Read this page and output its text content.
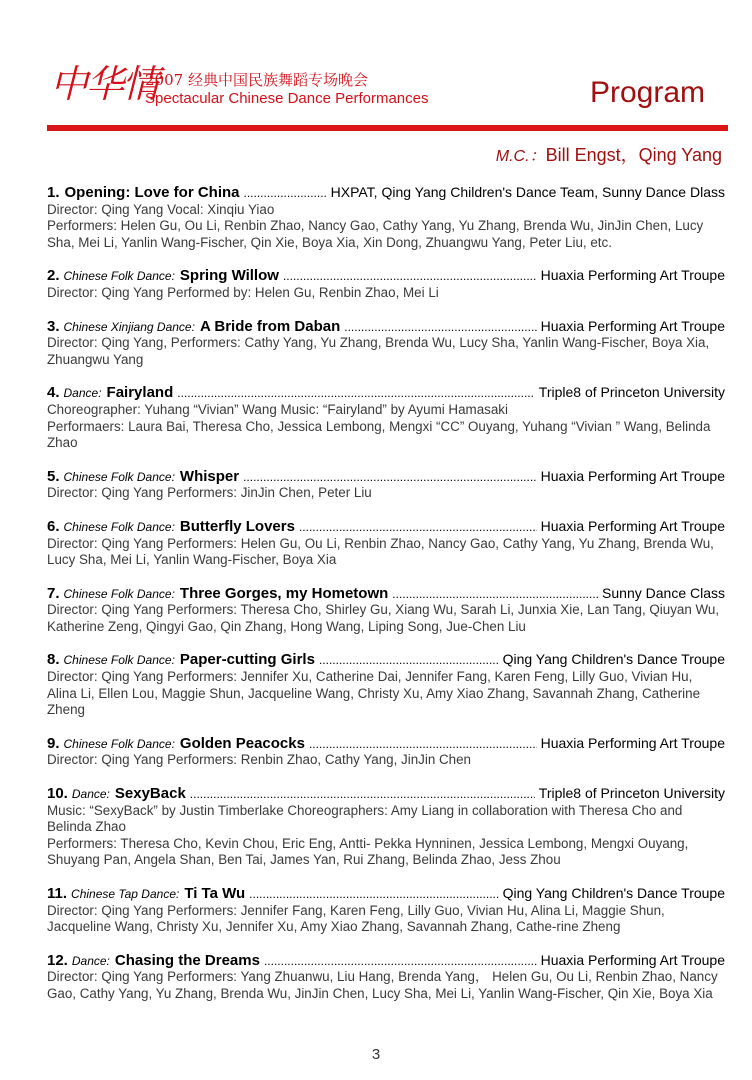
中华情
2007 经典中国民族舞蹈专场晚会
Spectacular Chinese Dance Performances	Program
M.C.：Bill Engst，Qing Yang
1. Opening: Love for China .....	HXPAT, Qing Yang Children's Dance Team, Sunny Dance Dlass
Director: Qing Yang Vocal: Xinqiu Yiao
Performers: Helen Gu, Ou Li, Renbin Zhao, Nancy Gao, Cathy Yang, Yu Zhang, Brenda Wu, JinJin Chen, Lucy Sha, Mei Li, Yanlin Wang-Fischer, Qin Xie, Boya Xia, Xin Dong, Zhuangwu Yang, Peter Liu, etc.
2. Chinese Folk Dance: Spring Willow .....	Huaxia Performing Art Troupe
Director: Qing Yang Performed by: Helen Gu, Renbin Zhao, Mei Li
3. Chinese Xinjiang Dance: A Bride from Daban .....	Huaxia Performing Art Troupe
Director: Qing Yang, Performers: Cathy Yang, Yu Zhang, Brenda Wu, Lucy Sha, Yanlin Wang-Fischer, Boya Xia, Zhuangwu Yang
4. Dance: Fairyland .....	Triple8 of Princeton University
Choreographer: Yuhang “Vivian” Wang Music: “Fairyland” by Ayumi Hamasaki
Performaers: Laura Bai, Theresa Cho, Jessica Lembong, Mengxi “CC” Ouyang, Yuhang “Vivian ” Wang, Belinda Zhao
5. Chinese Folk Dance: Whisper .....	Huaxia Performing Art Troupe
Director: Qing Yang Performers: JinJin Chen, Peter Liu
6. Chinese Folk Dance: Butterfly Lovers .....	Huaxia Performing Art Troupe
Director: Qing Yang Performers: Helen Gu, Ou Li, Renbin Zhao, Nancy Gao, Cathy Yang, Yu Zhang, Brenda Wu, Lucy Sha, Mei Li, Yanlin Wang-Fischer, Boya Xia
7. Chinese Folk Dance: Three Gorges, my Hometown .....	Sunny Dance Class
Director: Qing Yang Performers: Theresa Cho, Shirley Gu, Xiang Wu, Sarah Li, Junxia Xie, Lan Tang, Qiuyan Wu, Katherine Zeng, Qingyi Gao, Qin Zhang, Hong Wang, Liping Song, Jue-Chen Liu
8. Chinese Folk Dance: Paper-cutting Girls .....	Qing Yang Children's Dance Troupe
Director: Qing Yang Performers: Jennifer Xu, Catherine Dai, Jennifer Fang, Karen Feng, Lilly Guo, Vivian Hu, Alina Li, Ellen Lou, Maggie Shun, Jacqueline Wang, Christy Xu, Amy Xiao Zhang, Savannah Zhang, Catherine Zheng
9. Chinese Folk Dance: Golden Peacocks .....	Huaxia Performing Art Troupe
Director: Qing Yang Performers: Renbin Zhao, Cathy Yang, JinJin Chen
10. Dance: SexyBack .....	Triple8 of Princeton University
Music: “SexyBack” by Justin Timberlake Choreographers: Amy Liang in collaboration with Theresa Cho and Belinda Zhao
Performers: Theresa Cho, Kevin Chou, Eric Eng, Antti- Pekka Hynninen, Jessica Lembong, Mengxi Ouyang, Shuyang Pan, Angela Shan, Ben Tai, James Yan, Rui Zhang, Belinda Zhao, Jess Zhou
11. Chinese Tap Dance: Ti Ta Wu .....	Qing Yang Children's Dance Troupe
Director: Qing Yang Performers: Jennifer Fang, Karen Feng, Lilly Guo, Vivian Hu, Alina Li, Maggie Shun, Jacqueline Wang, Christy Xu, Jennifer Xu, Amy Xiao Zhang, Savannah Zhang, Cathe-rine Zheng
12. Dance: Chasing the Dreams .....	Huaxia Performing Art Troupe
Director: Qing Yang Performers: Yang Zhuanwu, Liu Hang, Brenda Yang， Helen Gu, Ou Li, Renbin Zhao, Nancy Gao, Cathy Yang, Yu Zhang, Brenda Wu, JinJin Chen, Lucy Sha, Mei Li, Yanlin Wang-Fischer, Qin Xie, Boya Xia
3
